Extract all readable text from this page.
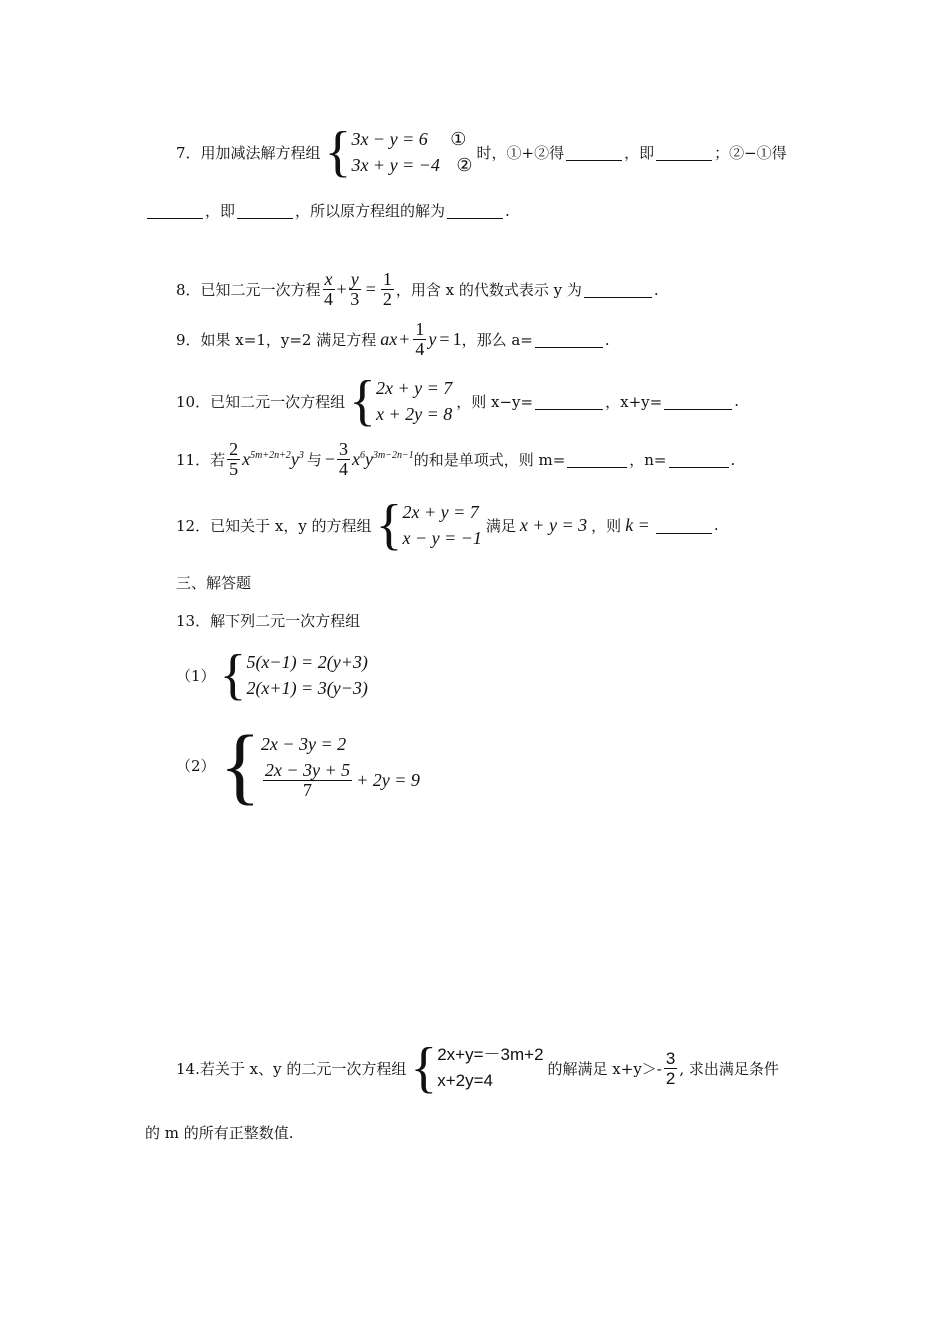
7．用加减法解方程组 { 3x − y = 6 ①
3x + y = −4 ②
时，①+②得	，即	；②−①得
，即	，所以原方程组的解为	.
8．已知二元一次方程 $\frac{x}{4} + \frac{y}{3} = \frac{1}{2}$ ，用含 x 的代数式表示 y 为	.
9．如果 x=1，y=2 满足方程 ax + $\frac{1}{4}$ y = 1 ，那么 a=	.
10．已知二元一次方程组 { 2x + y = 7
x + 2y = 8
，则 x−y=	，x+y=	.
11．若 $\frac{2}{5} x^{5m+2n+2}y^3$ 与 − $\frac{3}{4} x^6y^{3m-2n-1}$ 的和是单项式，则 m=	，n=	.
12．已知关于 x，y 的方程组 { 2x + y = 7
x − y = −1
满足 x + y = 3 ，则 k =	.
三、解答题
13．解下列二元一次方程组
（1） { 5(x−1) = 2(y+3)
2(x+1) = 3(y−3)
（2） { 2x − 3y = 2
$\frac{2x - 3y + 5}{7} + 2y = 9$
14.若关于 x、y 的二元一次方程组 { 2x+y=－3m+2
x+2y=4
的解满足 $x+y>- \frac{3}{2}$ , 求出满足条件
的 m 的所有正整数值.
